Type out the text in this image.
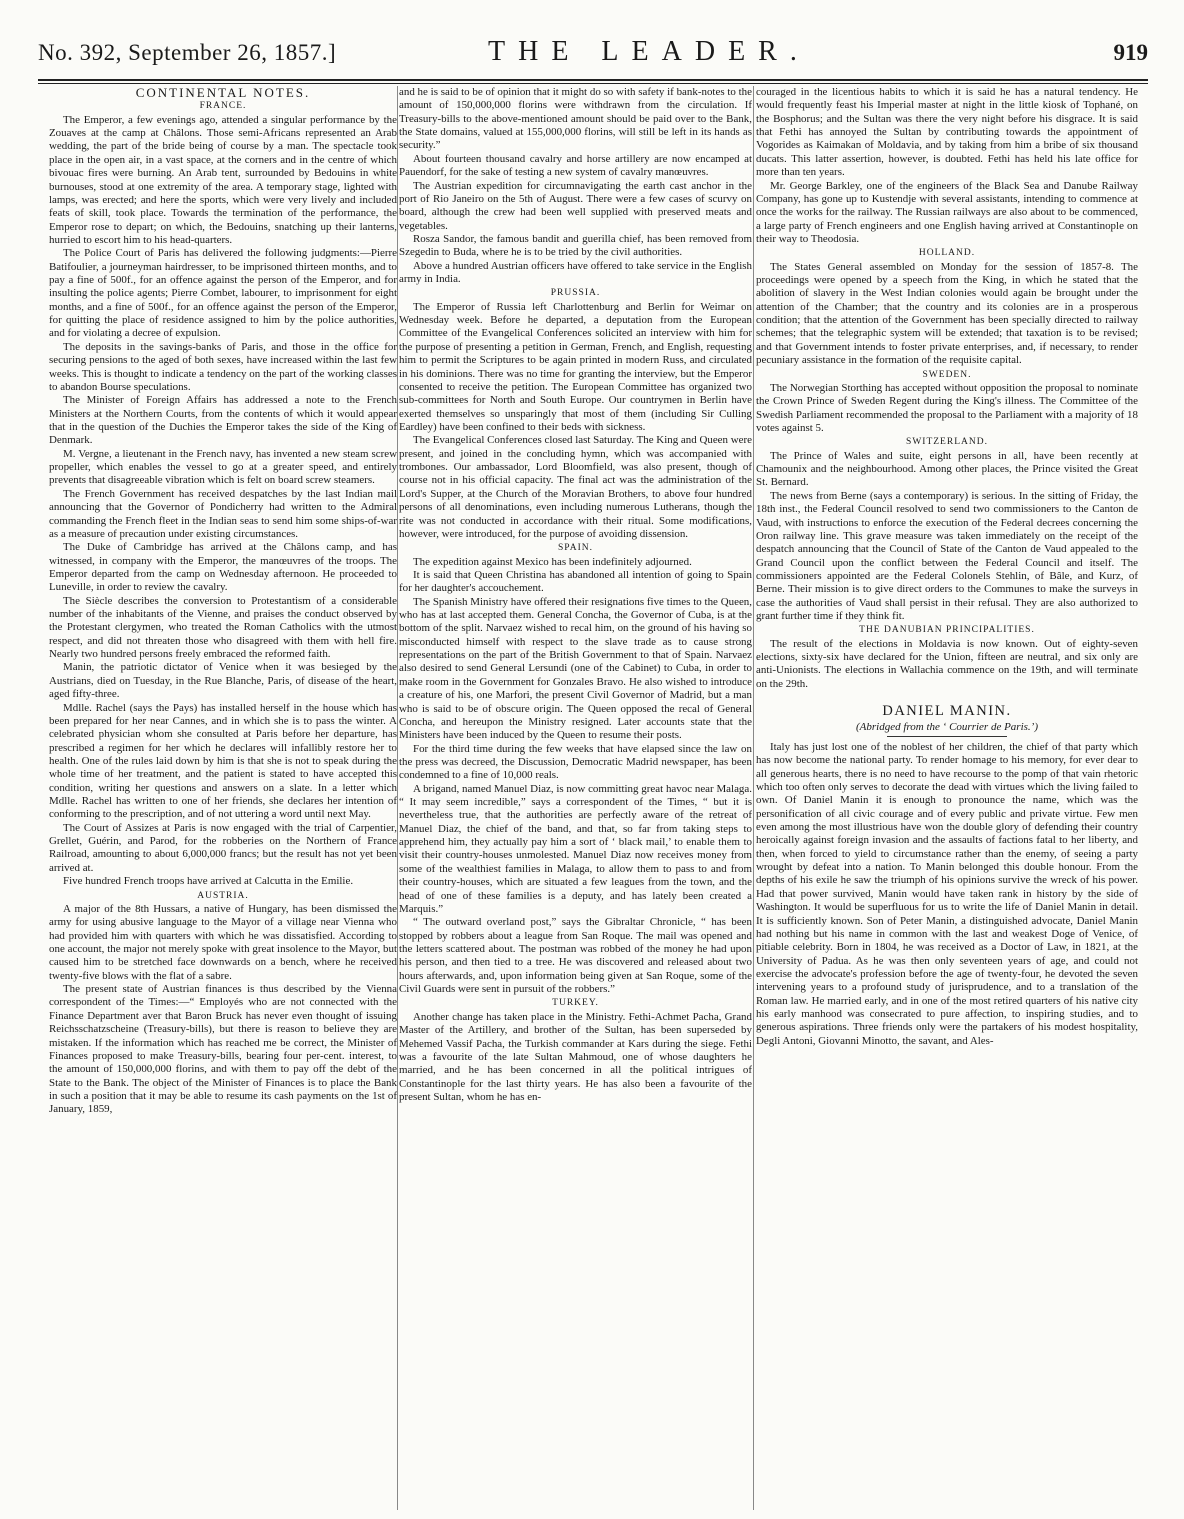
No. 392, September 26, 1857.]	THE LEADER.	919
CONTINENTAL NOTES.
FRANCE.

The Emperor, a few evenings ago, attended a singular performance by the Zouaves at the camp at Châlons. Those semi-Africans represented an Arab wedding, the part of the bride being of course by a man. The spectacle took place in the open air, in a vast space, at the corners and in the centre of which bivouac fires were burning. An Arab tent, surrounded by Bedouins in white burnouses, stood at one extremity of the area. A temporary stage, lighted with lamps, was erected; and here the sports, which were very lively and included feats of skill, took place. Towards the termination of the performance, the Emperor rose to depart; on which, the Bedouins, snatching up their lanterns, hurried to escort him to his head-quarters.

The Police Court of Paris has delivered the following judgments:—Pierre Batifoulier, a journeyman hairdresser, to be imprisoned thirteen months, and to pay a fine of 500f., for an offence against the person of the Emperor, and for insulting the police agents; Pierre Combet, labourer, to imprisonment for eight months, and a fine of 500f., for an offence against the person of the Emperor, for quitting the place of residence assigned to him by the police authorities, and for violating a decree of expulsion.

The deposits in the savings-banks of Paris, and those in the office for securing pensions to the aged of both sexes, have increased within the last few weeks. This is thought to indicate a tendency on the part of the working classes to abandon Bourse speculations.

The Minister of Foreign Affairs has addressed a note to the French Ministers at the Northern Courts, from the contents of which it would appear that in the question of the Duchies the Emperor takes the side of the King of Denmark.

M. Vergne, a lieutenant in the French navy, has invented a new steam screw propeller, which enables the vessel to go at a greater speed, and entirely prevents that disagreeable vibration which is felt on board screw steamers.

The French Government has received despatches by the last Indian mail announcing that the Governor of Pondicherry had written to the Admiral commanding the French fleet in the Indian seas to send him some ships-of-war as a measure of precaution under existing circumstances.

The Duke of Cambridge has arrived at the Châlons camp, and has witnessed, in company with the Emperor, the manœuvres of the troops. The Emperor departed from the camp on Wednesday afternoon. He proceeded to Luneville, in order to review the cavalry.

The Siècle describes the conversion to Protestantism of a considerable number of the inhabitants of the Vienne, and praises the conduct observed by the Protestant clergymen, who treated the Roman Catholics with the utmost respect, and did not threaten those who disagreed with them with hell fire. Nearly two hundred persons freely embraced the reformed faith.

Manin, the patriotic dictator of Venice when it was besieged by the Austrians, died on Tuesday, in the Rue Blanche, Paris, of disease of the heart, aged fifty-three.

Mdlle. Rachel (says the Pays) has installed herself in the house which has been prepared for her near Cannes, and in which she is to pass the winter. A celebrated physician whom she consulted at Paris before her departure, has prescribed a regimen for her which he declares will infallibly restore her to health. One of the rules laid down by him is that she is not to speak during the whole time of her treatment, and the patient is stated to have accepted this condition, writing her questions and answers on a slate. In a letter which Mdlle. Rachel has written to one of her friends, she declares her intention of conforming to the prescription, and of not uttering a word until next May.

The Court of Assizes at Paris is now engaged with the trial of Carpentier, Grellet, Guérin, and Parod, for the robberies on the Northern of France Railroad, amounting to about 6,000,000 francs; but the result has not yet been arrived at.

Five hundred French troops have arrived at Calcutta in the Emilie.

AUSTRIA.

A major of the 8th Hussars, a native of Hungary, has been dismissed the army for using abusive language to the Mayor of a village near Vienna who had provided him with quarters with which he was dissatisfied. According to one account, the major not merely spoke with great insolence to the Mayor, but caused him to be stretched face downwards on a bench, where he received twenty-five blows with the flat of a sabre.

The present state of Austrian finances is thus described by the Vienna correspondent of the Times:—“ Employés who are not connected with the Finance Department aver that Baron Bruck has never even thought of issuing Reichsschatzscheine (Treasury-bills), but there is reason to believe they are mistaken. If the information which has reached me be correct, the Minister of Finances proposed to make Treasury-bills, bearing four per-cent. interest, to the amount of 150,000,000 florins, and with them to pay off the debt of the State to the Bank. The object of the Minister of Finances is to place the Bank in such a position that it may be able to resume its cash payments on the 1st of January, 1859,

and he is said to be of opinion that it might do so with safety if bank-notes to the amount of 150,000,000 florins were withdrawn from the circulation. If Treasury-bills to the above-mentioned amount should be paid over to the Bank, the State domains, valued at 155,000,000 florins, will still be left in its hands as security.”

About fourteen thousand cavalry and horse artillery are now encamped at Pauendorf, for the sake of testing a new system of cavalry manœuvres.

The Austrian expedition for circumnavigating the earth cast anchor in the port of Rio Janeiro on the 5th of August. There were a few cases of scurvy on board, although the crew had been well supplied with preserved meats and vegetables.

Rosza Sandor, the famous bandit and guerilla chief, has been removed from Szegedin to Buda, where he is to be tried by the civil authorities.

Above a hundred Austrian officers have offered to take service in the English army in India.

PRUSSIA.

The Emperor of Russia left Charlottenburg and Berlin for Weimar on Wednesday week. Before he departed, a deputation from the European Committee of the Evangelical Conferences solicited an interview with him for the purpose of presenting a petition in German, French, and English, requesting him to permit the Scriptures to be again printed in modern Russ, and circulated in his dominions. There was no time for granting the interview, but the Emperor consented to receive the petition. The European Committee has organized two sub-committees for North and South Europe. Our countrymen in Berlin have exerted themselves so unsparingly that most of them (including Sir Culling Eardley) have been confined to their beds with sickness.

The Evangelical Conferences closed last Saturday. The King and Queen were present, and joined in the concluding hymn, which was accompanied with trombones. Our ambassador, Lord Bloomfield, was also present, though of course not in his official capacity. The final act was the administration of the Lord's Supper, at the Church of the Moravian Brothers, to above four hundred persons of all denominations, even including numerous Lutherans, though the rite was not conducted in accordance with their ritual. Some modifications, however, were introduced, for the purpose of avoiding dissension.

SPAIN.

The expedition against Mexico has been indefinitely adjourned.

It is said that Queen Christina has abandoned all intention of going to Spain for her daughter's accouchement.

The Spanish Ministry have offered their resignations five times to the Queen, who has at last accepted them. General Concha, the Governor of Cuba, is at the bottom of the split. Narvaez wished to recal him, on the ground of his having so misconducted himself with respect to the slave trade as to cause strong representations on the part of the British Government to that of Spain. Narvaez also desired to send General Lersundi (one of the Cabinet) to Cuba, in order to make room in the Government for Gonzales Bravo. He also wished to introduce a creature of his, one Marfori, the present Civil Governor of Madrid, but a man who is said to be of obscure origin. The Queen opposed the recal of General Concha, and hereupon the Ministry resigned. Later accounts state that the Ministers have been induced by the Queen to resume their posts.

For the third time during the few weeks that have elapsed since the law on the press was decreed, the Discussion, Democratic Madrid newspaper, has been condemned to a fine of 10,000 reals.

A brigand, named Manuel Diaz, is now committing great havoc near Malaga. “ It may seem incredible,” says a correspondent of the Times, “ but it is nevertheless true, that the authorities are perfectly aware of the retreat of Manuel Diaz, the chief of the band, and that, so far from taking steps to apprehend him, they actually pay him a sort of ‘ black mail,’ to enable them to visit their country-houses unmolested. Manuel Diaz now receives money from some of the wealthiest families in Malaga, to allow them to pass to and from their country-houses, which are situated a few leagues from the town, and the head of one of these families is a deputy, and has lately been created a Marquis.”

“ The outward overland post,” says the Gibraltar Chronicle, “ has been stopped by robbers about a league from San Roque. The mail was opened and the letters scattered about. The postman was robbed of the money he had upon his person, and then tied to a tree. He was discovered and released about two hours afterwards, and, upon information being given at San Roque, some of the Civil Guards were sent in pursuit of the robbers.”

TURKEY.

Another change has taken place in the Ministry. Fethi-Achmet Pacha, Grand Master of the Artillery, and brother of the Sultan, has been superseded by Mehemed Vassif Pacha, the Turkish commander at Kars during the siege. Fethi was a favourite of the late Sultan Mahmoud, one of whose daughters he married, and he has been concerned in all the political intrigues of Constantinople for the last thirty years. He has also been a favourite of the present Sultan, whom he has en-

couraged in the licentious habits to which it is said he has a natural tendency. He would frequently feast his Imperial master at night in the little kiosk of Tophané, on the Bosphorus; and the Sultan was there the very night before his disgrace. It is said that Fethi has annoyed the Sultan by contributing towards the appointment of Vogorides as Kaimakan of Moldavia, and by taking from him a bribe of six thousand ducats. This latter assertion, however, is doubted. Fethi has held his late office for more than ten years.

Mr. George Barkley, one of the engineers of the Black Sea and Danube Railway Company, has gone up to Kustendje with several assistants, intending to commence at once the works for the railway. The Russian railways are also about to be commenced, a large party of French engineers and one English having arrived at Constantinople on their way to Theodosia.

HOLLAND.

The States General assembled on Monday for the session of 1857-8. The proceedings were opened by a speech from the King, in which he stated that the abolition of slavery in the West Indian colonies would again be brought under the attention of the Chamber; that the country and its colonies are in a prosperous condition; that the attention of the Government has been specially directed to railway schemes; that the telegraphic system will be extended; that taxation is to be revised; and that Government intends to foster private enterprises, and, if necessary, to render pecuniary assistance in the formation of the requisite capital.

SWEDEN.

The Norwegian Storthing has accepted without opposition the proposal to nominate the Crown Prince of Sweden Regent during the King's illness. The Committee of the Swedish Parliament recommended the proposal to the Parliament with a majority of 18 votes against 5.

SWITZERLAND.

The Prince of Wales and suite, eight persons in all, have been recently at Chamounix and the neighbourhood. Among other places, the Prince visited the Great St. Bernard.

The news from Berne (says a contemporary) is serious. In the sitting of Friday, the 18th inst., the Federal Council resolved to send two commissioners to the Canton de Vaud, with instructions to enforce the execution of the Federal decrees concerning the Oron railway line. This grave measure was taken immediately on the receipt of the despatch announcing that the Council of State of the Canton de Vaud appealed to the Grand Council upon the conflict between the Federal Council and itself. The commissioners appointed are the Federal Colonels Stehlin, of Bâle, and Kurz, of Berne. Their mission is to give direct orders to the Communes to make the surveys in case the authorities of Vaud shall persist in their refusal. They are also authorized to grant further time if they think fit.

THE DANUBIAN PRINCIPALITIES.

The result of the elections in Moldavia is now known. Out of eighty-seven elections, sixty-six have declared for the Union, fifteen are neutral, and six only are anti-Unionists. The elections in Wallachia commence on the 19th, and will terminate on the 29th.

DANIEL MANIN.
(Abridged from the ‘ Courrier de Paris.’)

Italy has just lost one of the noblest of her children, the chief of that party which has now become the national party. To render homage to his memory, for ever dear to all generous hearts, there is no need to have recourse to the pomp of that vain rhetoric which too often only serves to decorate the dead with virtues which the living failed to own. Of Daniel Manin it is enough to pronounce the name, which was the personification of all civic courage and of every public and private virtue. Few men even among the most illustrious have won the double glory of defending their country heroically against foreign invasion and the assaults of factions fatal to her liberty, and then, when forced to yield to circumstance rather than the enemy, of seeing a party wrought by defeat into a nation. To Manin belonged this double honour. From the depths of his exile he saw the triumph of his opinions survive the wreck of his power. Had that power survived, Manin would have taken rank in history by the side of Washington. It would be superfluous for us to write the life of Daniel Manin in detail. It is sufficiently known. Son of Peter Manin, a distinguished advocate, Daniel Manin had nothing but his name in common with the last and weakest Doge of Venice, of pitiable celebrity. Born in 1804, he was received as a Doctor of Law, in 1821, at the University of Padua. As he was then only seventeen years of age, and could not exercise the advocate's profession before the age of twenty-four, he devoted the seven intervening years to a profound study of jurisprudence, and to a translation of the Roman law. He married early, and in one of the most retired quarters of his native city his early manhood was consecrated to pure affection, to inspiring studies, and to generous aspirations. Three friends only were the partakers of his modest hospitality, Degli Antoni, Giovanni Minotto, the savant, and Ales-
